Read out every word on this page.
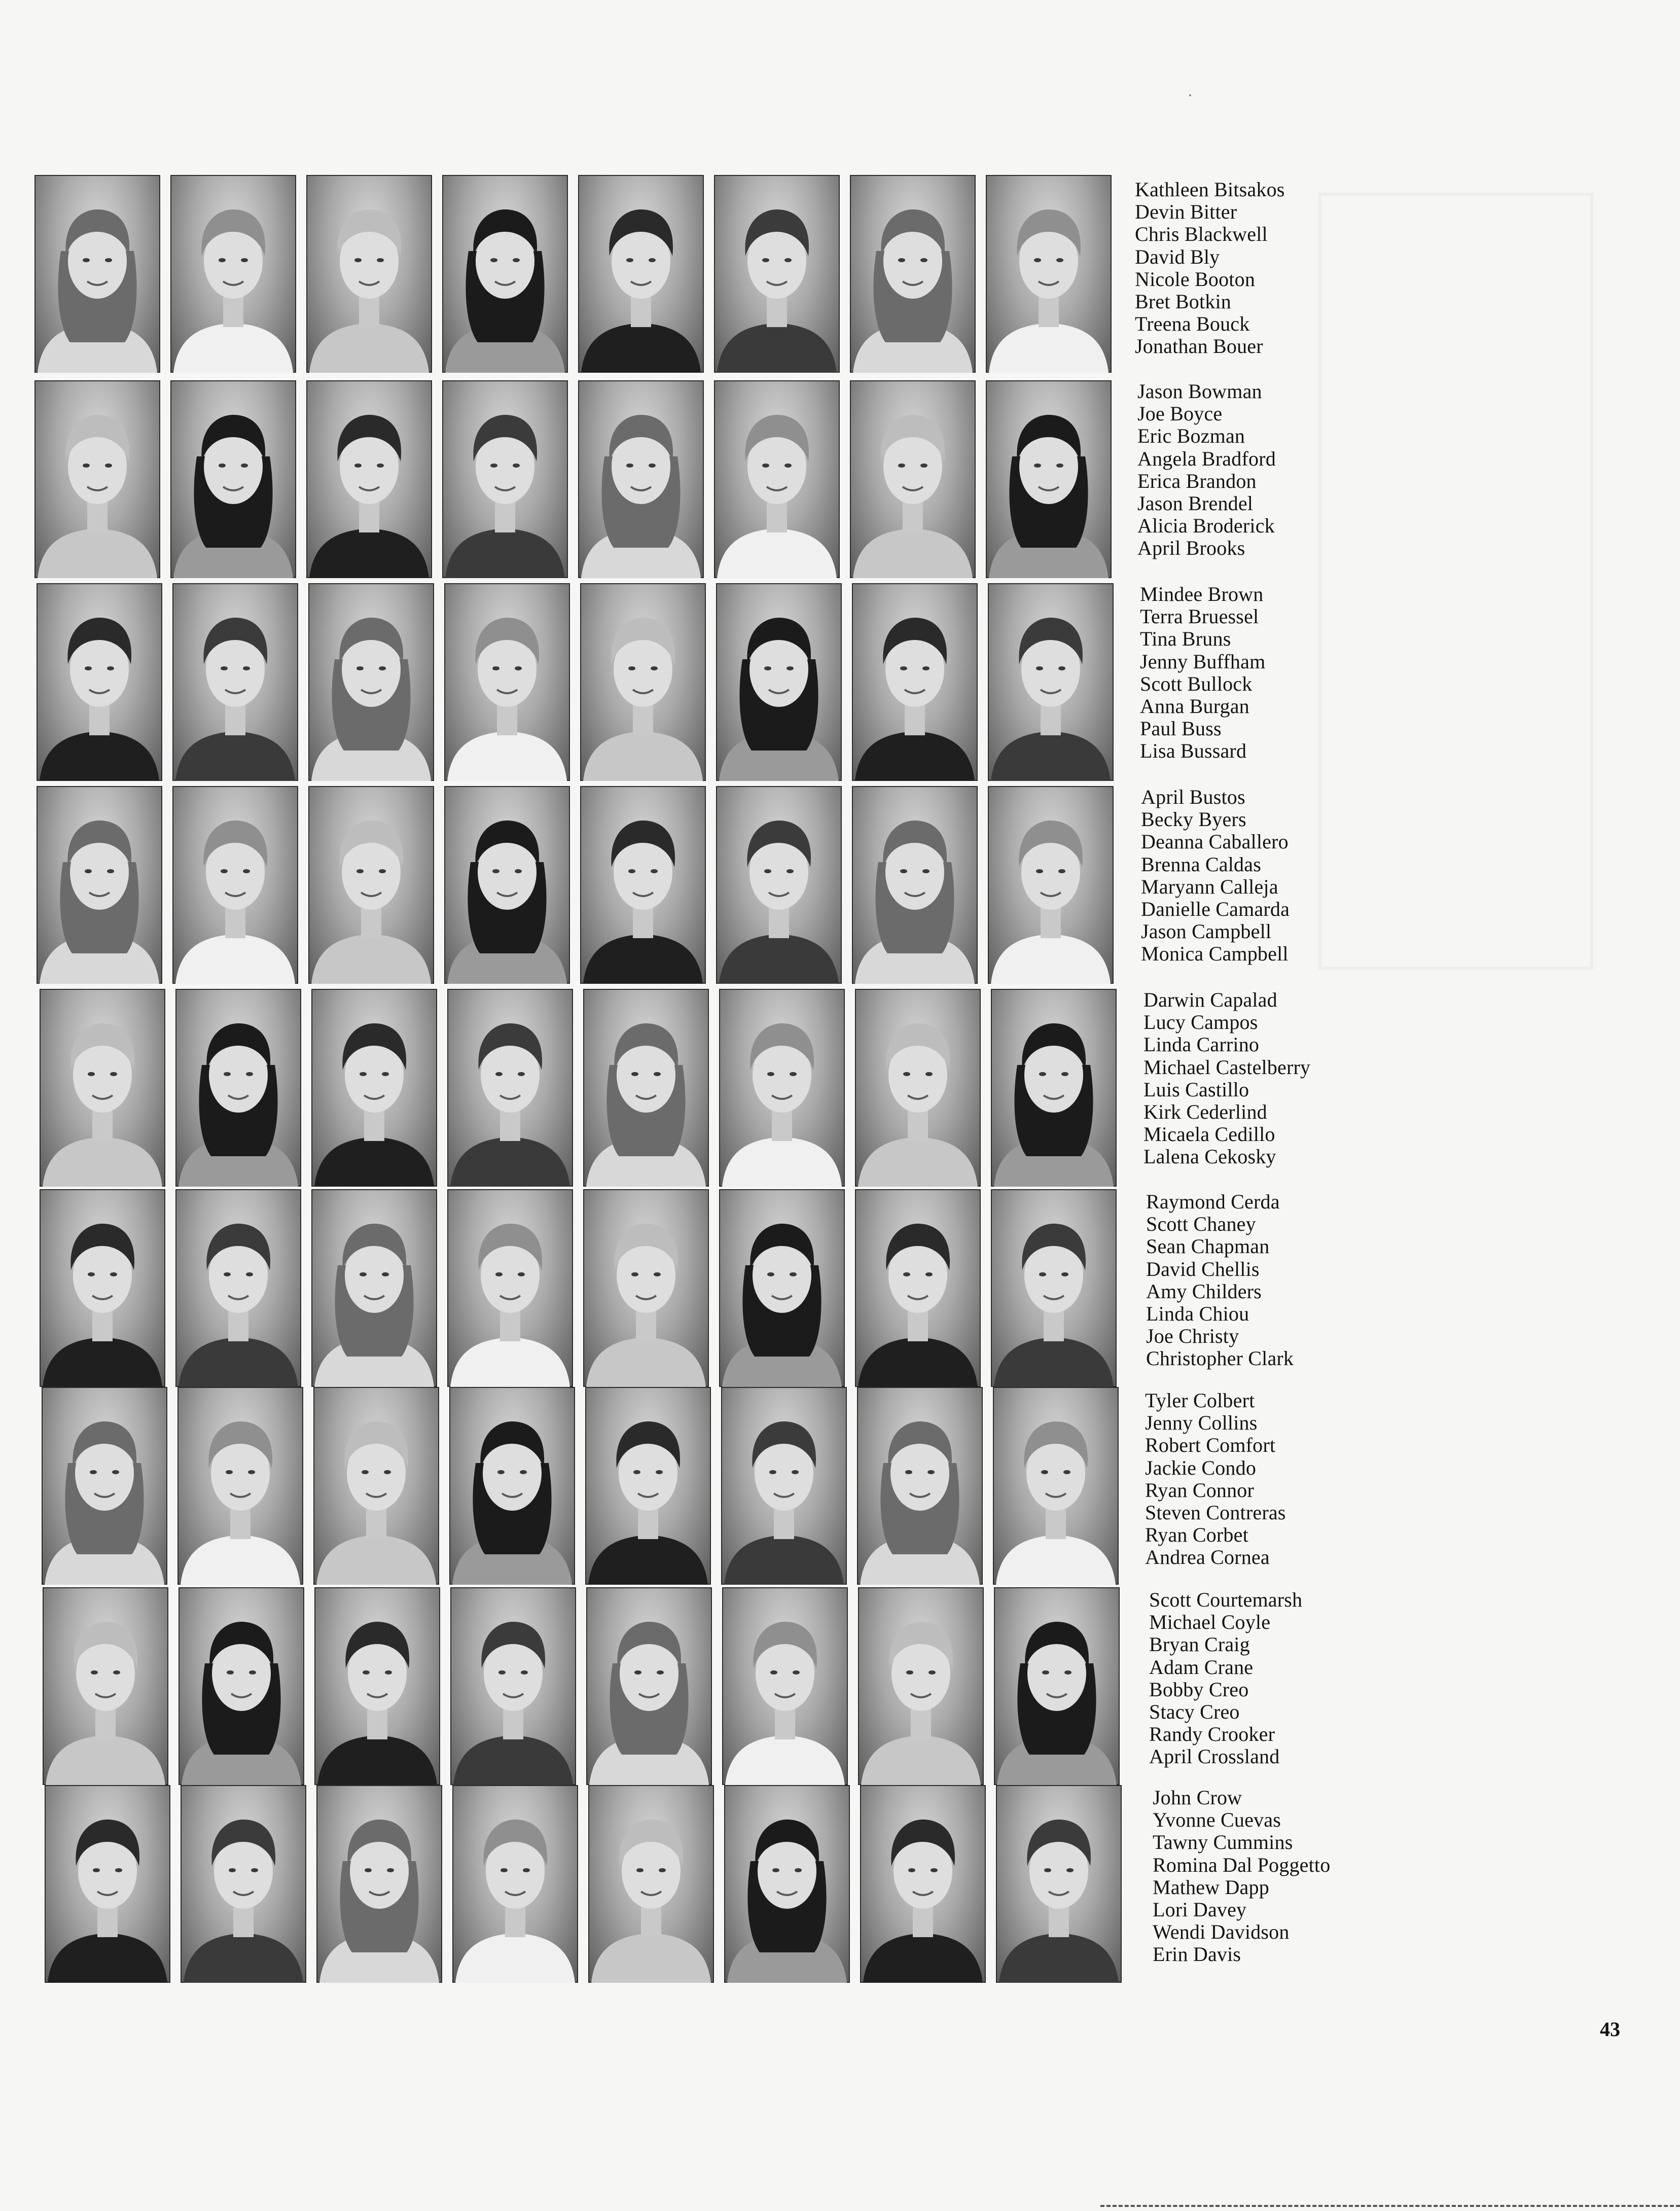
Kathleen Bitsakos
Devin Bitter
Chris Blackwell
David Bly
Nicole Booton
Bret Botkin
Treena Bouck
Jonathan Bouer
Jason Bowman
Joe Boyce
Eric Bozman
Angela Bradford
Erica Brandon
Jason Brendel
Alicia Broderick
April Brooks
Mindee Brown
Terra Bruessel
Tina Bruns
Jenny Buffham
Scott Bullock
Anna Burgan
Paul Buss
Lisa Bussard
April Bustos
Becky Byers
Deanna Caballero
Brenna Caldas
Maryann Calleja
Danielle Camarda
Jason Campbell
Monica Campbell
Darwin Capalad
Lucy Campos
Linda Carrino
Michael Castelberry
Luis Castillo
Kirk Cederlind
Micaela Cedillo
Lalena Cekosky
Raymond Cerda
Scott Chaney
Sean Chapman
David Chellis
Amy Childers
Linda Chiou
Joe Christy
Christopher Clark
Tyler Colbert
Jenny Collins
Robert Comfort
Jackie Condo
Ryan Connor
Steven Contreras
Ryan Corbet
Andrea Cornea
Scott Courtemarsh
Michael Coyle
Bryan Craig
Adam Crane
Bobby Creo
Stacy Creo
Randy Crooker
April Crossland
John Crow
Yvonne Cuevas
Tawny Cummins
Romina Dal Poggetto
Mathew Dapp
Lori Davey
Wendi Davidson
Erin Davis
43
